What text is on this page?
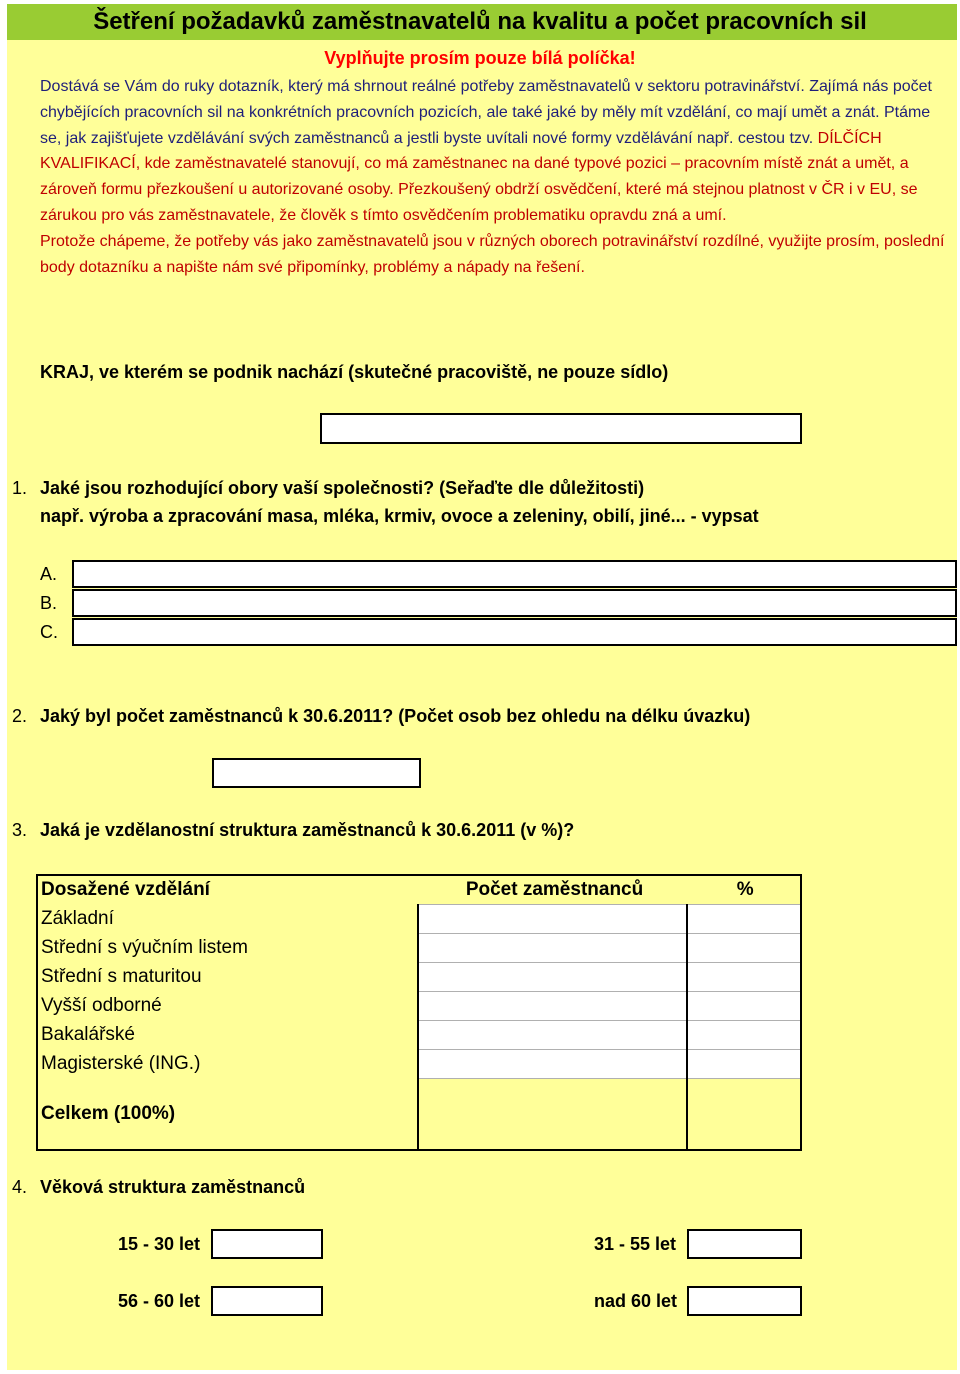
Šetření požadavků zaměstnavatelů na kvalitu a počet pracovních sil
Vyplňujte prosím pouze bílá políčka!

Dostává se Vám do ruky dotazník, který má shrnout reálné potřeby zaměstnavatelů v sektoru potravinářství. Zajímá nás počet chybějících pracovních sil na konkrétních pracovních pozicích, ale také jaké by měly mít vzdělání, co mají umět a znát. Ptáme se, jak zajišťujete vzdělávání svých zaměstnanců a jestli byste uvítali nové formy vzdělávání např. cestou tzv. DÍLČÍCH KVALIFIKACÍ, kde zaměstnavatelé stanovují, co má zaměstnanec na dané typové pozici – pracovním místě znát a umět, a zároveň formu přezkoušení u autorizované osoby. Přezkoušený obdrží osvědčení, které má stejnou platnost v ČR i v EU, se zárukou pro vás zaměstnavatele, že člověk s tímto osvědčením problematiku opravdu zná a umí.

Protože chápeme, že potřeby vás jako zaměstnavatelů jsou v různých oborech potravinářství rozdílné, využijte prosím, poslední body dotazníku a napište nám své připomínky, problémy a nápady na řešení.

KRAJ, ve kterém se podnik nachází (skutečné pracoviště, ne pouze sídlo)
1. Jaké jsou rozhodující obory vaší společnosti? (Seřaďte dle důležitosti)
např. výroba a zpracování masa, mléka, krmiv, ovoce a zeleniny, obilí, jiné... - vypsat
A.
B.
C.
2. Jaký byl počet zaměstnanců k 30.6.2011? (Počet osob bez ohledu na délku úvazku)
3. Jaká je vzdělanostní struktura zaměstnanců k 30.6.2011 (v %)?
Dosažené vzdělání	Počet zaměstnanců	%
Základní		
Střední s výučním listem		
Střední s maturitou		
Vyšší odborné		
Bakalářské		
Magisterské (ING.)		
Celkem (100%)		
4. Věková struktura zaměstnanců
15 - 30 let	31 - 55 let
56 - 60 let	nad 60 let
